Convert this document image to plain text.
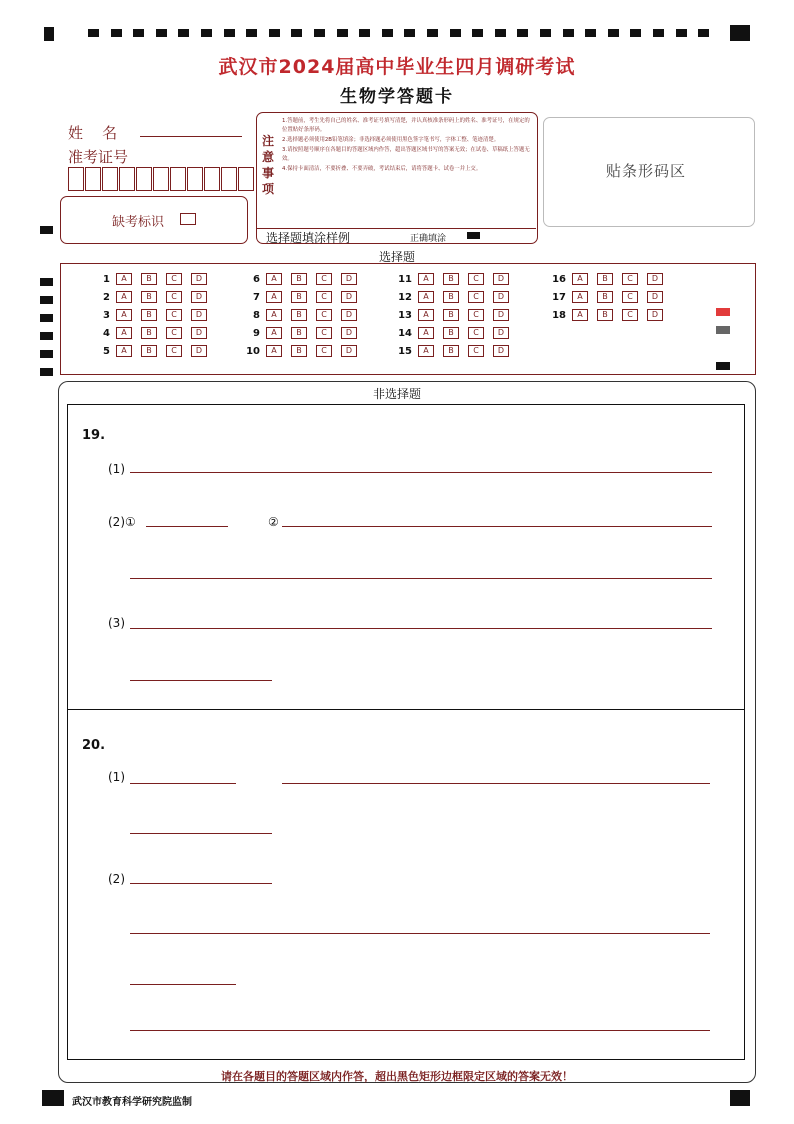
武汉市2024届高中毕业生四月调研考试
生物学答题卡
姓    名
准考证号
缺考标识
注意事项
1.答题前，考生先将自己的姓名、准考证号填写清楚，并认真核准条形码上的姓名、准考证号，在规定的位置贴好条形码。
2.选择题必须使用2B铅笔填涂；非选择题必须使用黑色签字笔书写，字体工整、笔迹清楚。
3.请按照题号顺序在各题目的答题区域内作答，超出答题区域书写的答案无效；在试卷、草稿纸上答题无效。
4.保持卡面清洁，不要折叠、不要弄破，考试结束后，请将答题卡、试卷一并上交。
选择题填涂样例	正确填涂
贴条形码区
选择题
1	A	B	C	D
2	A	B	C	D
3	A	B	C	D
4	A	B	C	D
5	A	B	C	D
6	A	B	C	D
7	A	B	C	D
8	A	B	C	D
9	A	B	C	D
10	A	B	C	D
11	A	B	C	D
12	A	B	C	D
13	A	B	C	D
14	A	B	C	D
15	A	B	C	D
16	A	B	C	D
17	A	B	C	D
18	A	B	C	D
非选择题
19.
(1)
(2)①	②
(3)
20.
(1)
(2)
请在各题目的答题区域内作答，超出黑色矩形边框限定区域的答案无效！
武汉市教育科学研究院监制
